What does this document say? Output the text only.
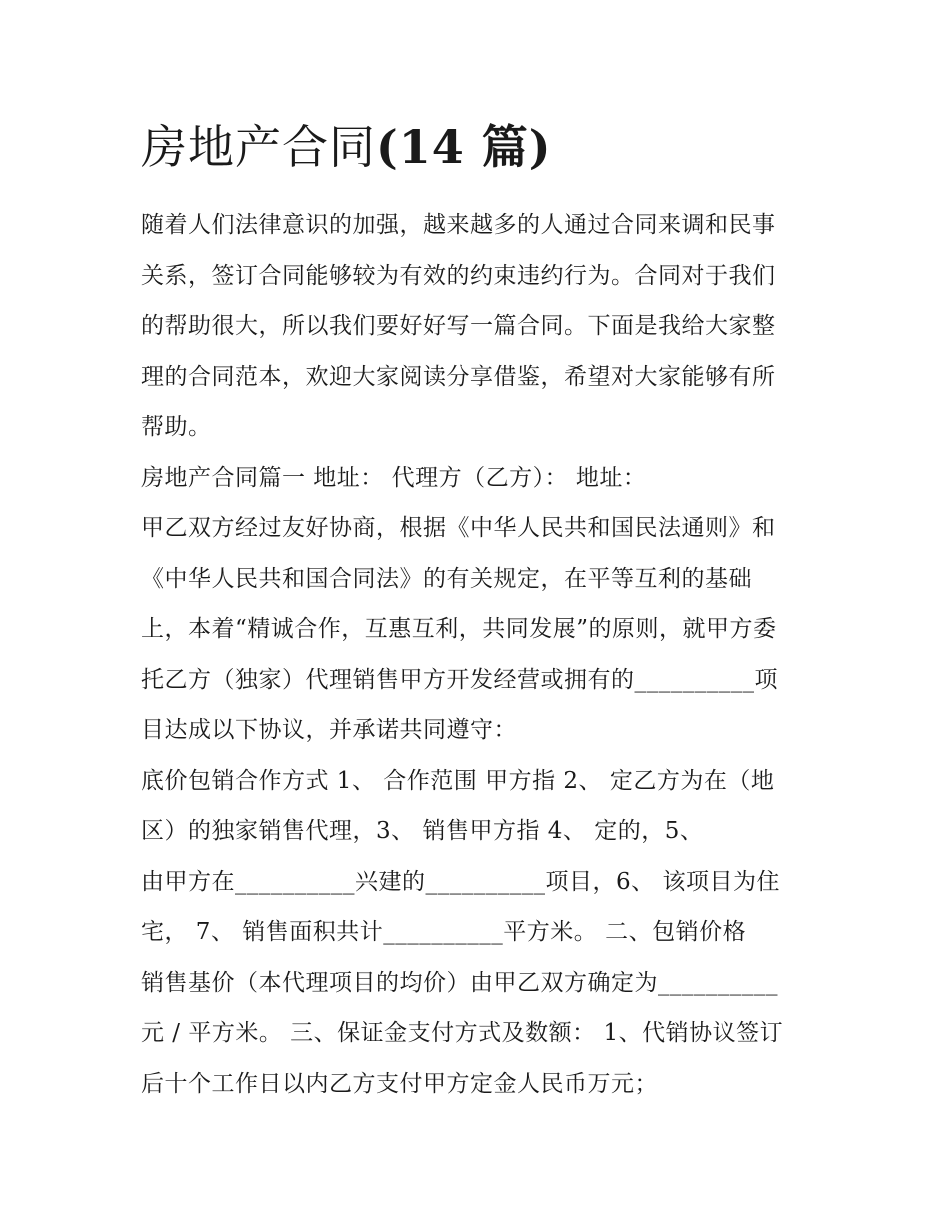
房地产合同(14 篇)
随着人们法律意识的加强，越来越多的人通过合同来调和民事
关系，签订合同能够较为有效的约束违约行为。合同对于我们
的帮助很大，所以我们要好好写一篇合同。下面是我给大家整
理的合同范本，欢迎大家阅读分享借鉴，希望对大家能够有所
帮助。
房地产合同篇一 地址： 代理方（乙方）： 地址：
甲乙双方经过友好协商，根据《中华人民共和国民法通则》和
《中华人民共和国合同法》的有关规定，在平等互利的基础
上，本着“精诚合作，互惠互利，共同发展”的原则，就甲方委
托乙方（独家）代理销售甲方开发经营或拥有的__________项
目达成以下协议，并承诺共同遵守：
底价包销合作方式 1、 合作范围 甲方指 2、 定乙方为在（地
区）的独家销售代理，3、 销售甲方指 4、 定的，5、
由甲方在__________兴建的__________项目，6、 该项目为住
宅， 7、 销售面积共计__________平方米。 二、包销价格
销售基价（本代理项目的均价）由甲乙双方确定为__________
元 / 平方米。 三、保证金支付方式及数额： 1、代销协议签订
后十个工作日以内乙方支付甲方定金人民币万元；
